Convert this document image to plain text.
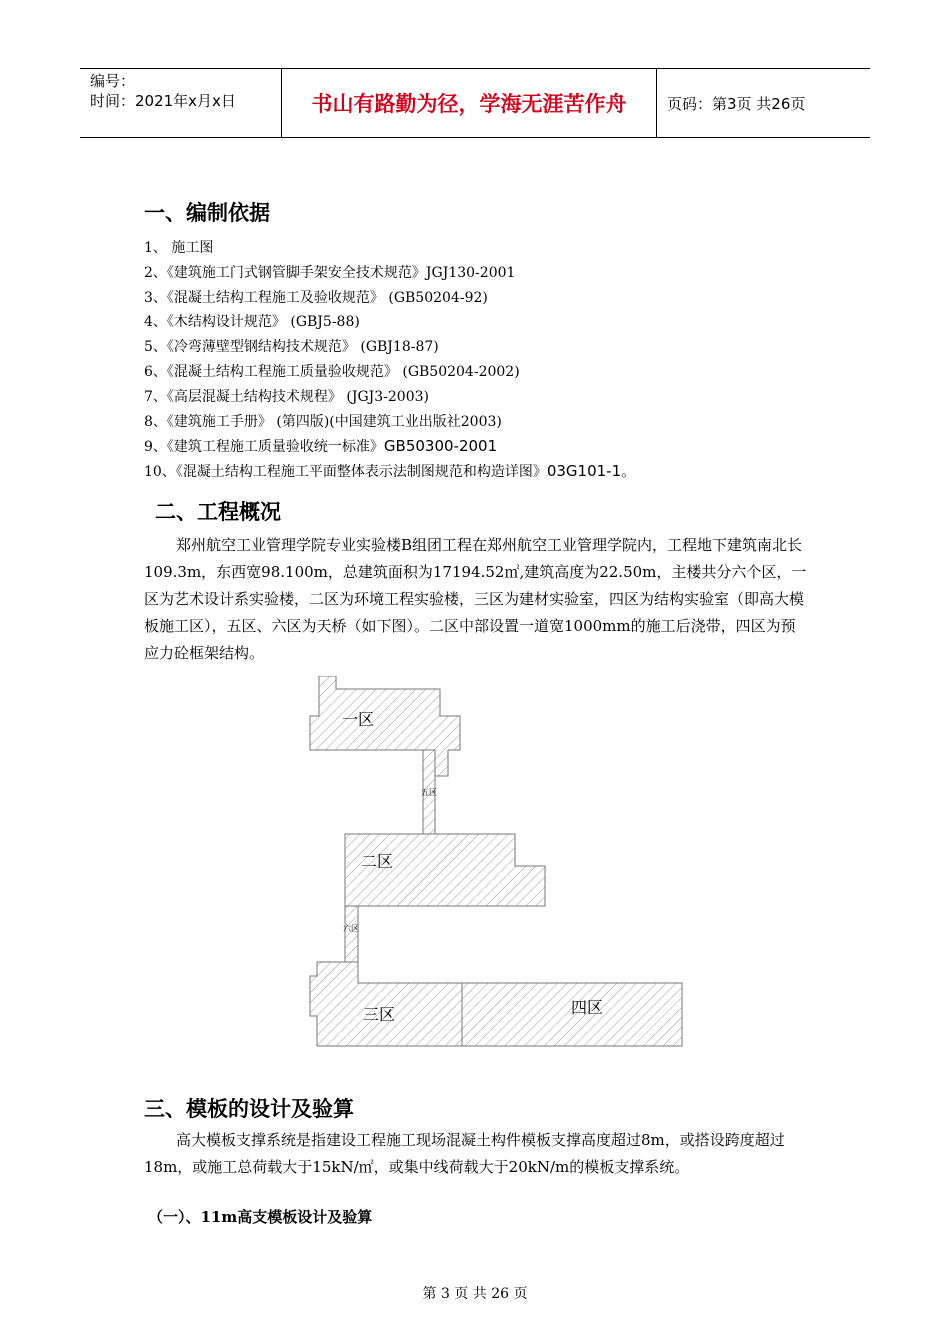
编号：
时间：2021年x月x日	书山有路勤为径，学海无涯苦作舟	页码：第3页 共26页
一、编制依据
1、 施工图
2、《建筑施工门式钢管脚手架安全技术规范》JGJ130-2001
3、《混凝土结构工程施工及验收规范》 (GB50204-92)
4、《木结构设计规范》 (GBJ5-88)
5、《冷弯薄壁型钢结构技术规范》 (GBJ18-87)
6、《混凝土结构工程施工质量验收规范》 (GB50204-2002)
7、《高层混凝土结构技术规程》 (JGJ3-2003)
8、《建筑施工手册》 (第四版)(中国建筑工业出版社2003)
9、《建筑工程施工质量验收统一标准》GB50300-2001
10、《混凝土结构工程施工平面整体表示法制图规范和构造详图》03G101-1。
二、工程概况

郑州航空工业管理学院专业实验楼B组团工程在郑州航空工业管理学院内，工程地下建筑南北长109.3m，东西宽98.100m，总建筑面积为17194.52㎡,建筑高度为22.50m，主楼共分六个区，一区为艺术设计系实验楼，二区为环境工程实验楼，三区为建材实验室，四区为结构实验室（即高大模板施工区），五区、六区为天桥（如下图）。二区中部设置一道宽1000mm的施工后浇带，四区为预应力砼框架结构。

一区
五区
二区
六区
三区	四区
三、模板的设计及验算

高大模板支撑系统是指建设工程施工现场混凝土构件模板支撑高度超过8m，或搭设跨度超过18m，或施工总荷载大于15kN/㎡，或集中线荷载大于20kN/m的模板支撑系统。

（一）、11m高支模板设计及验算

第 3 页 共 26 页
